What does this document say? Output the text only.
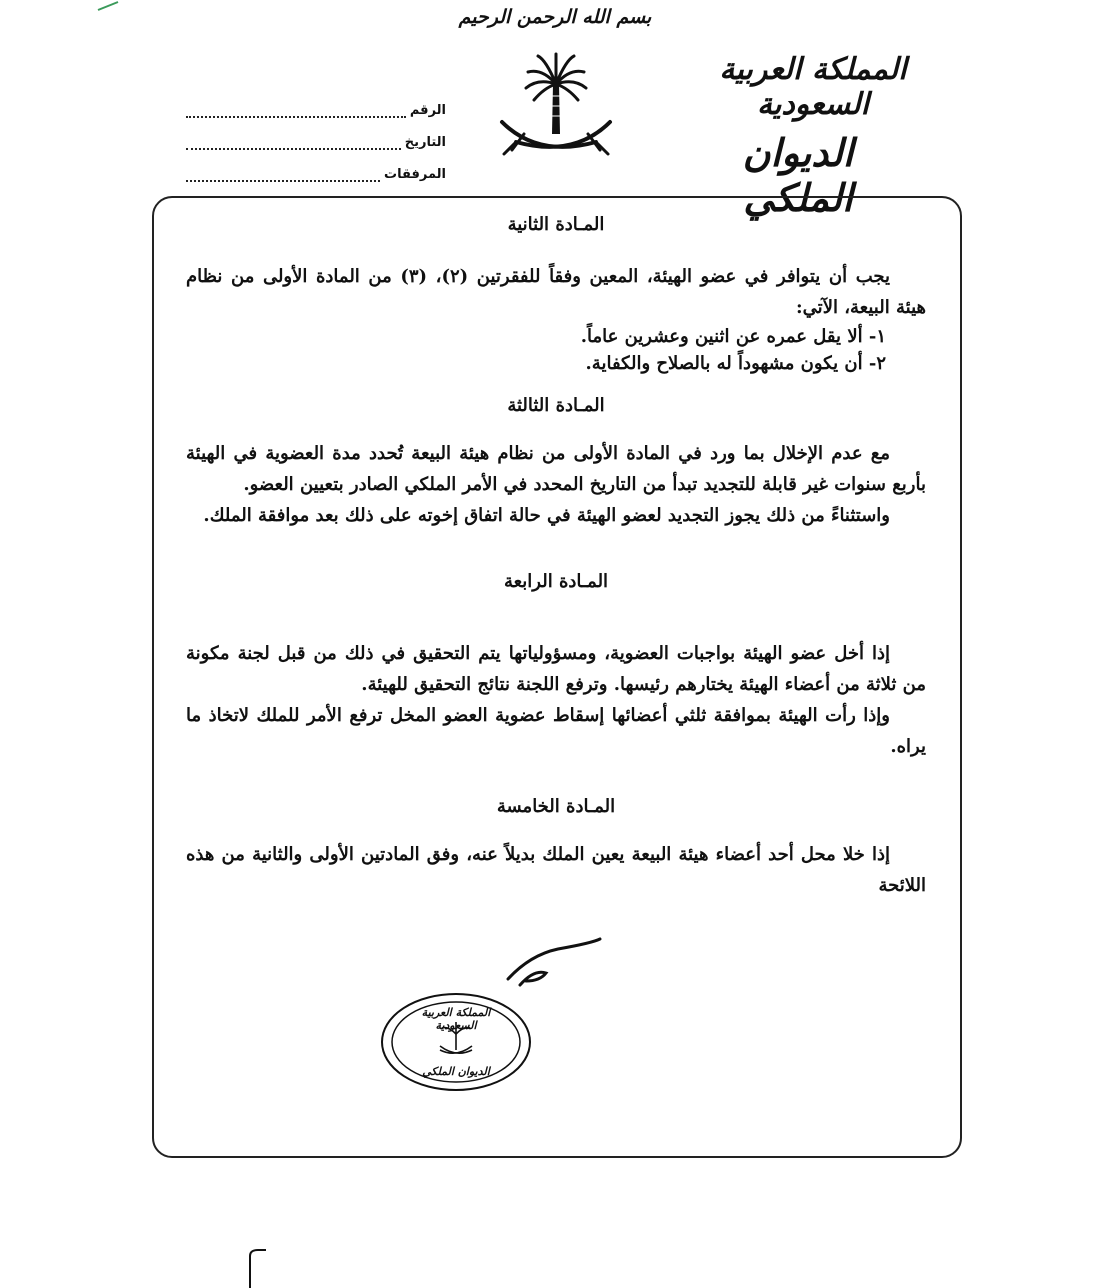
بسم الله الرحمن الرحيم
المملكة العربية السعودية
الديوان الملكي
الرقم
التاريخ
المرفقات
المـادة الثانية

يجب أن يتوافر في عضو الهيئة، المعين وفقاً للفقرتين (٢)، (٣) من المادة الأولى من نظام هيئة البيعة، الآتي:

١- ألا يقل عمره عن اثنين وعشرين عاماً.

٢- أن يكون مشهوداً له بالصلاح والكفاية.

المـادة الثالثة

مع عدم الإخلال بما ورد في المادة الأولى من نظام هيئة البيعة تُحدد مدة العضوية في الهيئة بأربع سنوات غير قابلة للتجديد تبدأ من التاريخ المحدد في الأمر الملكي الصادر بتعيين العضو.

واستثناءً من ذلك يجوز التجديد لعضو الهيئة في حالة اتفاق إخوته على ذلك بعد موافقة الملك.

المـادة الرابعة

إذا أخل عضو الهيئة بواجبات العضوية، ومسؤولياتها يتم التحقيق في ذلك من قبل لجنة مكونة من ثلاثة من أعضاء الهيئة يختارهم رئيسها. وترفع اللجنة نتائج التحقيق للهيئة.

وإذا رأت الهيئة بموافقة ثلثي أعضائها إسقاط عضوية العضو المخل ترفع الأمر للملك لاتخاذ ما يراه.

المـادة الخامسة

إذا خلا محل أحد أعضاء هيئة البيعة يعين الملك بديلاً عنه، وفق المادتين الأولى والثانية من هذه اللائحة

المملكة العربية السعودية
الديوان الملكي
